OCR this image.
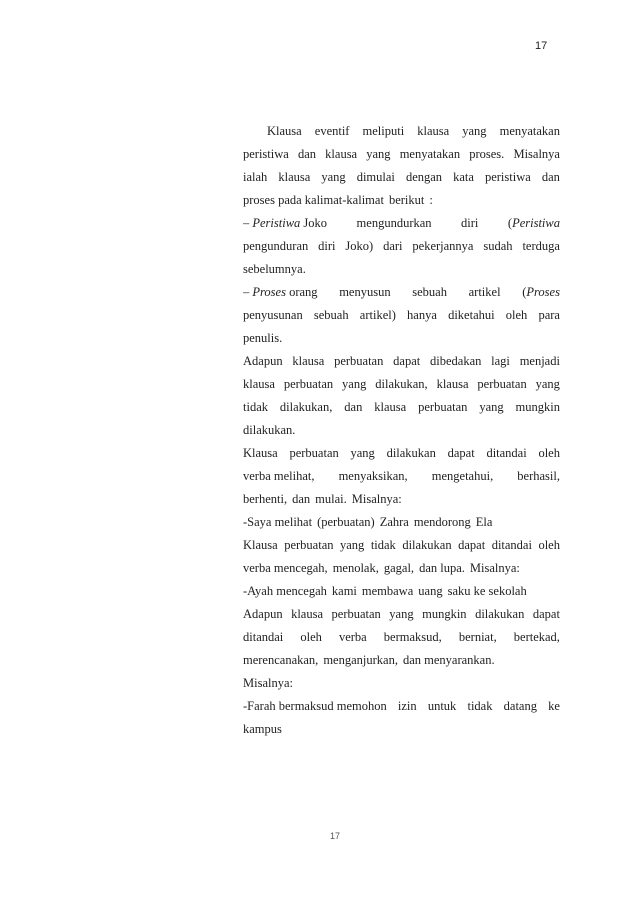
17
Klausa eventif meliputi klausa yang menyatakan
peristiwa dan klausa yang menyatakan proses. Misalnya
ialah klausa yang dimulai dengan kata peristiwa dan
proses pada kalimat-kalimat berikut :
– Peristiwa Joko mengundurkan diri (Peristiwa
pengunduran diri Joko) dari pekerjannya sudah terduga
sebelumnya.
– Proses orang menyusun sebuah artikel (Proses
penyusunan sebuah artikel) hanya diketahui oleh para
penulis.
Adapun klausa perbuatan dapat dibedakan lagi menjadi
klausa perbuatan yang dilakukan, klausa perbuatan yang
tidak dilakukan, dan klausa perbuatan yang mungkin
dilakukan.
Klausa perbuatan yang dilakukan dapat ditandai oleh
verba melihat, menyaksikan, mengetahui, berhasil,
berhenti, dan mulai. Misalnya:
-Saya melihat (perbuatan) Zahra mendorong Ela
Klausa perbuatan yang tidak dilakukan dapat ditandai oleh
verba mencegah, menolak, gagal, dan lupa. Misalnya:
-Ayah mencegah kami membawa uang saku ke sekolah
Adapun klausa perbuatan yang mungkin dilakukan dapat
ditandai oleh verba bermaksud, berniat, bertekad,
merencanakan, menganjurkan, dan menyarankan.
Misalnya:
-Farah bermaksud memohon izin untuk tidak datang ke
kampus
17
